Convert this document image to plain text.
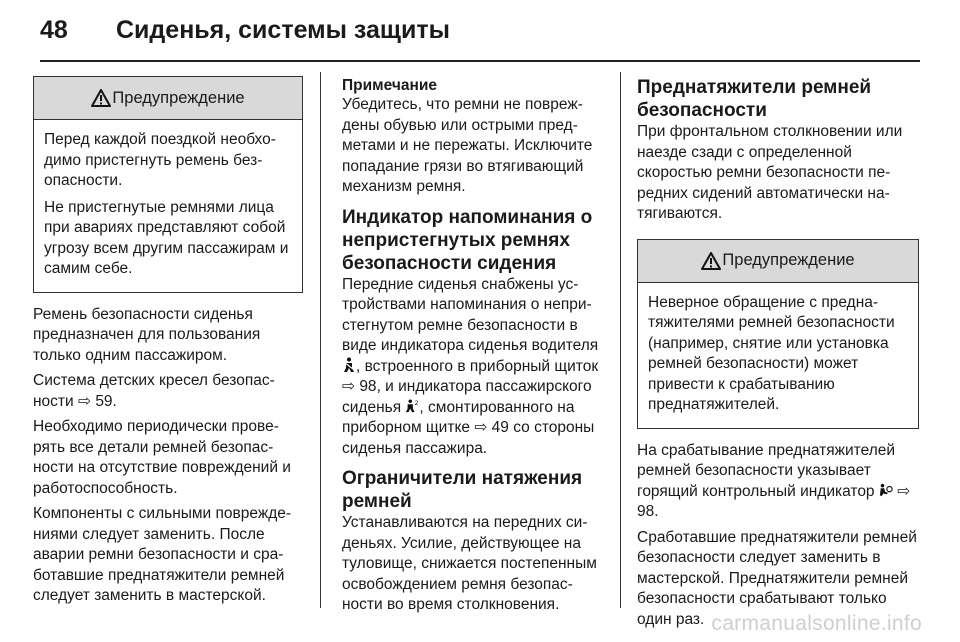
48 Сиденья, системы защиты
Предупреждение

Перед каждой поездкой необходимо пристегнуть ремень безопасности.

Не пристегнутые ремнями лица при авариях представляют собой угрозу всем другим пассажирам и самим себе.

Ремень безопасности сиденья предназначен для пользования только одним пассажиром.

Система детских кресел безопасности ⇨ 59.

Необходимо периодически проверять все детали ремней безопасности на отсутствие повреждений и работоспособность.

Компоненты с сильными повреждениями следует заменить. После аварии ремни безопасности и сработавшие преднатяжители ремней следует заменить в мастерской.

Примечание

Убедитесь, что ремни не повреждены обувью или острыми предметами и не пережаты. Исключите попадание грязи во втягивающий механизм ремня.

Индикатор напоминания о непристегнутых ремнях безопасности сидения

Передние сиденья снабжены устройствами напоминания о непристегнутом ремне безопасности в виде индикатора сиденья водителя , встроенного в приборный щиток ⇨ 98, и индикатора пассажирского сиденья 2 , смонтированного на приборном щитке ⇨ 49 со стороны сиденья пассажира.

Ограничители натяжения ремней

Устанавливаются на передних сиденьях. Усилие, действующее на туловище, снижается постепенным освобождением ремня безопасности во время столкновения.

Преднатяжители ремней безопасности

При фронтальном столкновении или наезде сзади с определенной скоростью ремни безопасности передних сидений автоматически натягиваются.

Предупреждение

Неверное обращение с преднатяжителями ремней безопасности (например, снятие или установка ремней безопасности) может привести к срабатыванию преднатяжителей.

На срабатывание преднатяжителей ремней безопасности указывает горящий контрольный индикатор ⇨ 98.

Сработавшие преднатяжители ремней безопасности следует заменить в мастерской. Преднатяжители ремней безопасности срабатывают только один раз. carmanualsonline.info
